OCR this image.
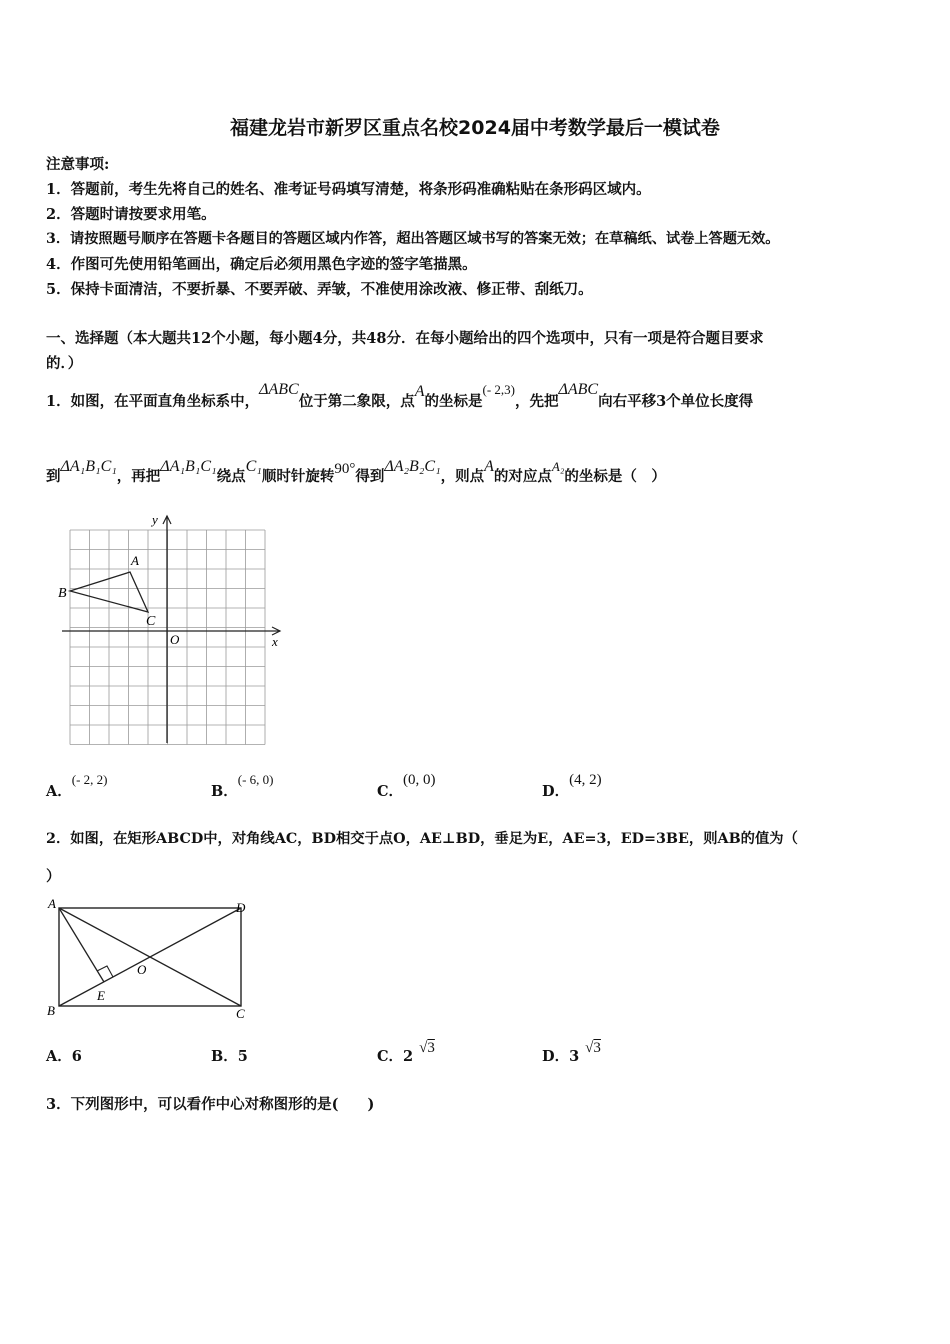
福建龙岩市新罗区重点名校2024届中考数学最后一模试卷
注意事项:
1．答题前，考生先将自己的姓名、准考证号码填写清楚，将条形码准确粘贴在条形码区域内。
2．答题时请按要求用笔。
3．请按照题号顺序在答题卡各题目的答题区域内作答，超出答题区域书写的答案无效；在草稿纸、试卷上答题无效。
4．作图可先使用铅笔画出，确定后必须用黑色字迹的签字笔描黑。
5．保持卡面清洁，不要折暴、不要弄破、弄皱，不准使用涂改液、修正带、刮纸刀。
一、选择题（本大题共12个小题，每小题4分，共48分．在每小题给出的四个选项中，只有一项是符合题目要求
的．）
1．如图，在平面直角坐标系中，ΔABC位于第二象限，点A的坐标是(- 2,3)，先把ΔABC向右平移3个单位长度得
到ΔA₁B₁C₁，再把ΔA₁B₁C₁绕点C₁顺时针旋转90°得到ΔA₂B₂C₁，则点A的对应点A₂的坐标是（　）
B
A
C
O	x
y
A．(- 2, 2)
B．(- 6, 0)
C．(0, 0)
D．(4, 2)
2．如图，在矩形ABCD中，对角线AC，BD相交于点O，AE⊥BD，垂足为E，AE=3，ED=3BE，则AB的值为（
）
A
B	C
D
E
O
A．6	B．5	C．2 √3	D．3 √3
3．下列图形中，可以看作中心对称图形的是(　　)
